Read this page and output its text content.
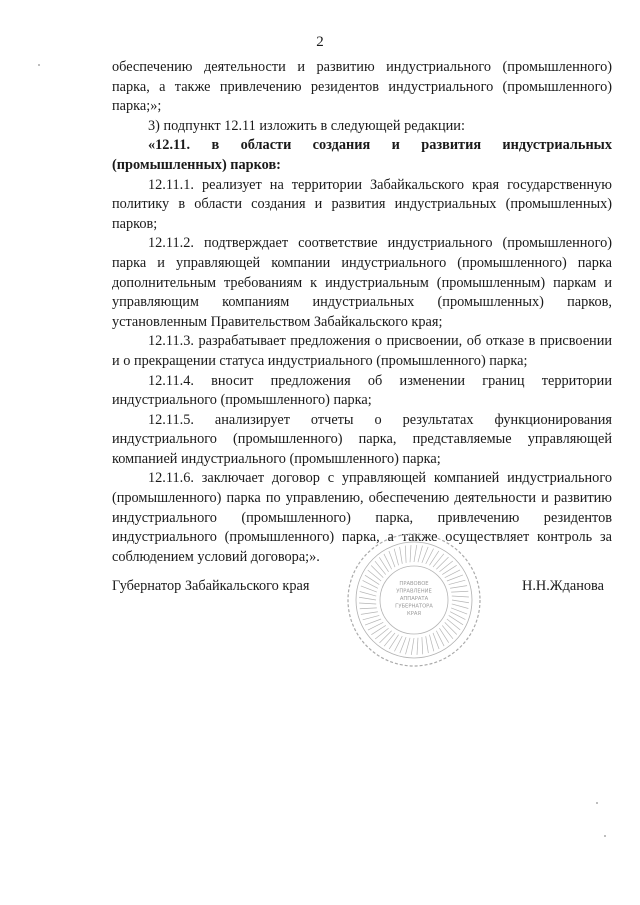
2

обеспечению деятельности и развитию индустриального (промышленного) парка, а также привлечению резидентов индустриального (промышленного) парка;»;

3) подпункт 12.11 изложить в следующей редакции:

«12.11. в области создания и развития индустриальных (промышленных) парков:

12.11.1. реализует на территории Забайкальского края государственную политику в области создания и развития индустриальных (промышленных) парков;

12.11.2. подтверждает соответствие индустриального (промышленного) парка и управляющей компании индустриального (промышленного) парка дополнительным требованиям к индустриальным (промышленным) паркам и управляющим компаниям индустриальных (промышленных) парков, установленным Правительством Забайкальского края;

12.11.3. разрабатывает предложения о присвоении, об отказе в присвоении и о прекращении статуса индустриального (промышленного) парка;

12.11.4. вносит предложения об изменении границ территории индустриального (промышленного) парка;

12.11.5. анализирует отчеты о результатах функционирования индустриального (промышленного) парка, представляемые управляющей компанией индустриального (промышленного) парка;

12.11.6. заключает договор с управляющей компанией индустриального (промышленного) парка по управлению, обеспечению деятельности и развитию индустриального (промышленного) парка, привлечению резидентов индустриального (промышленного) парка, а также осуществляет контроль за соблюдением условий договора;».

Губернатор Забайкальского края	Н.Н.Жданова
ПРАВОВОЕ
УПРАВЛЕНИЕ
АППАРАТА
ГУБЕРНАТОРА
КРАЯ
